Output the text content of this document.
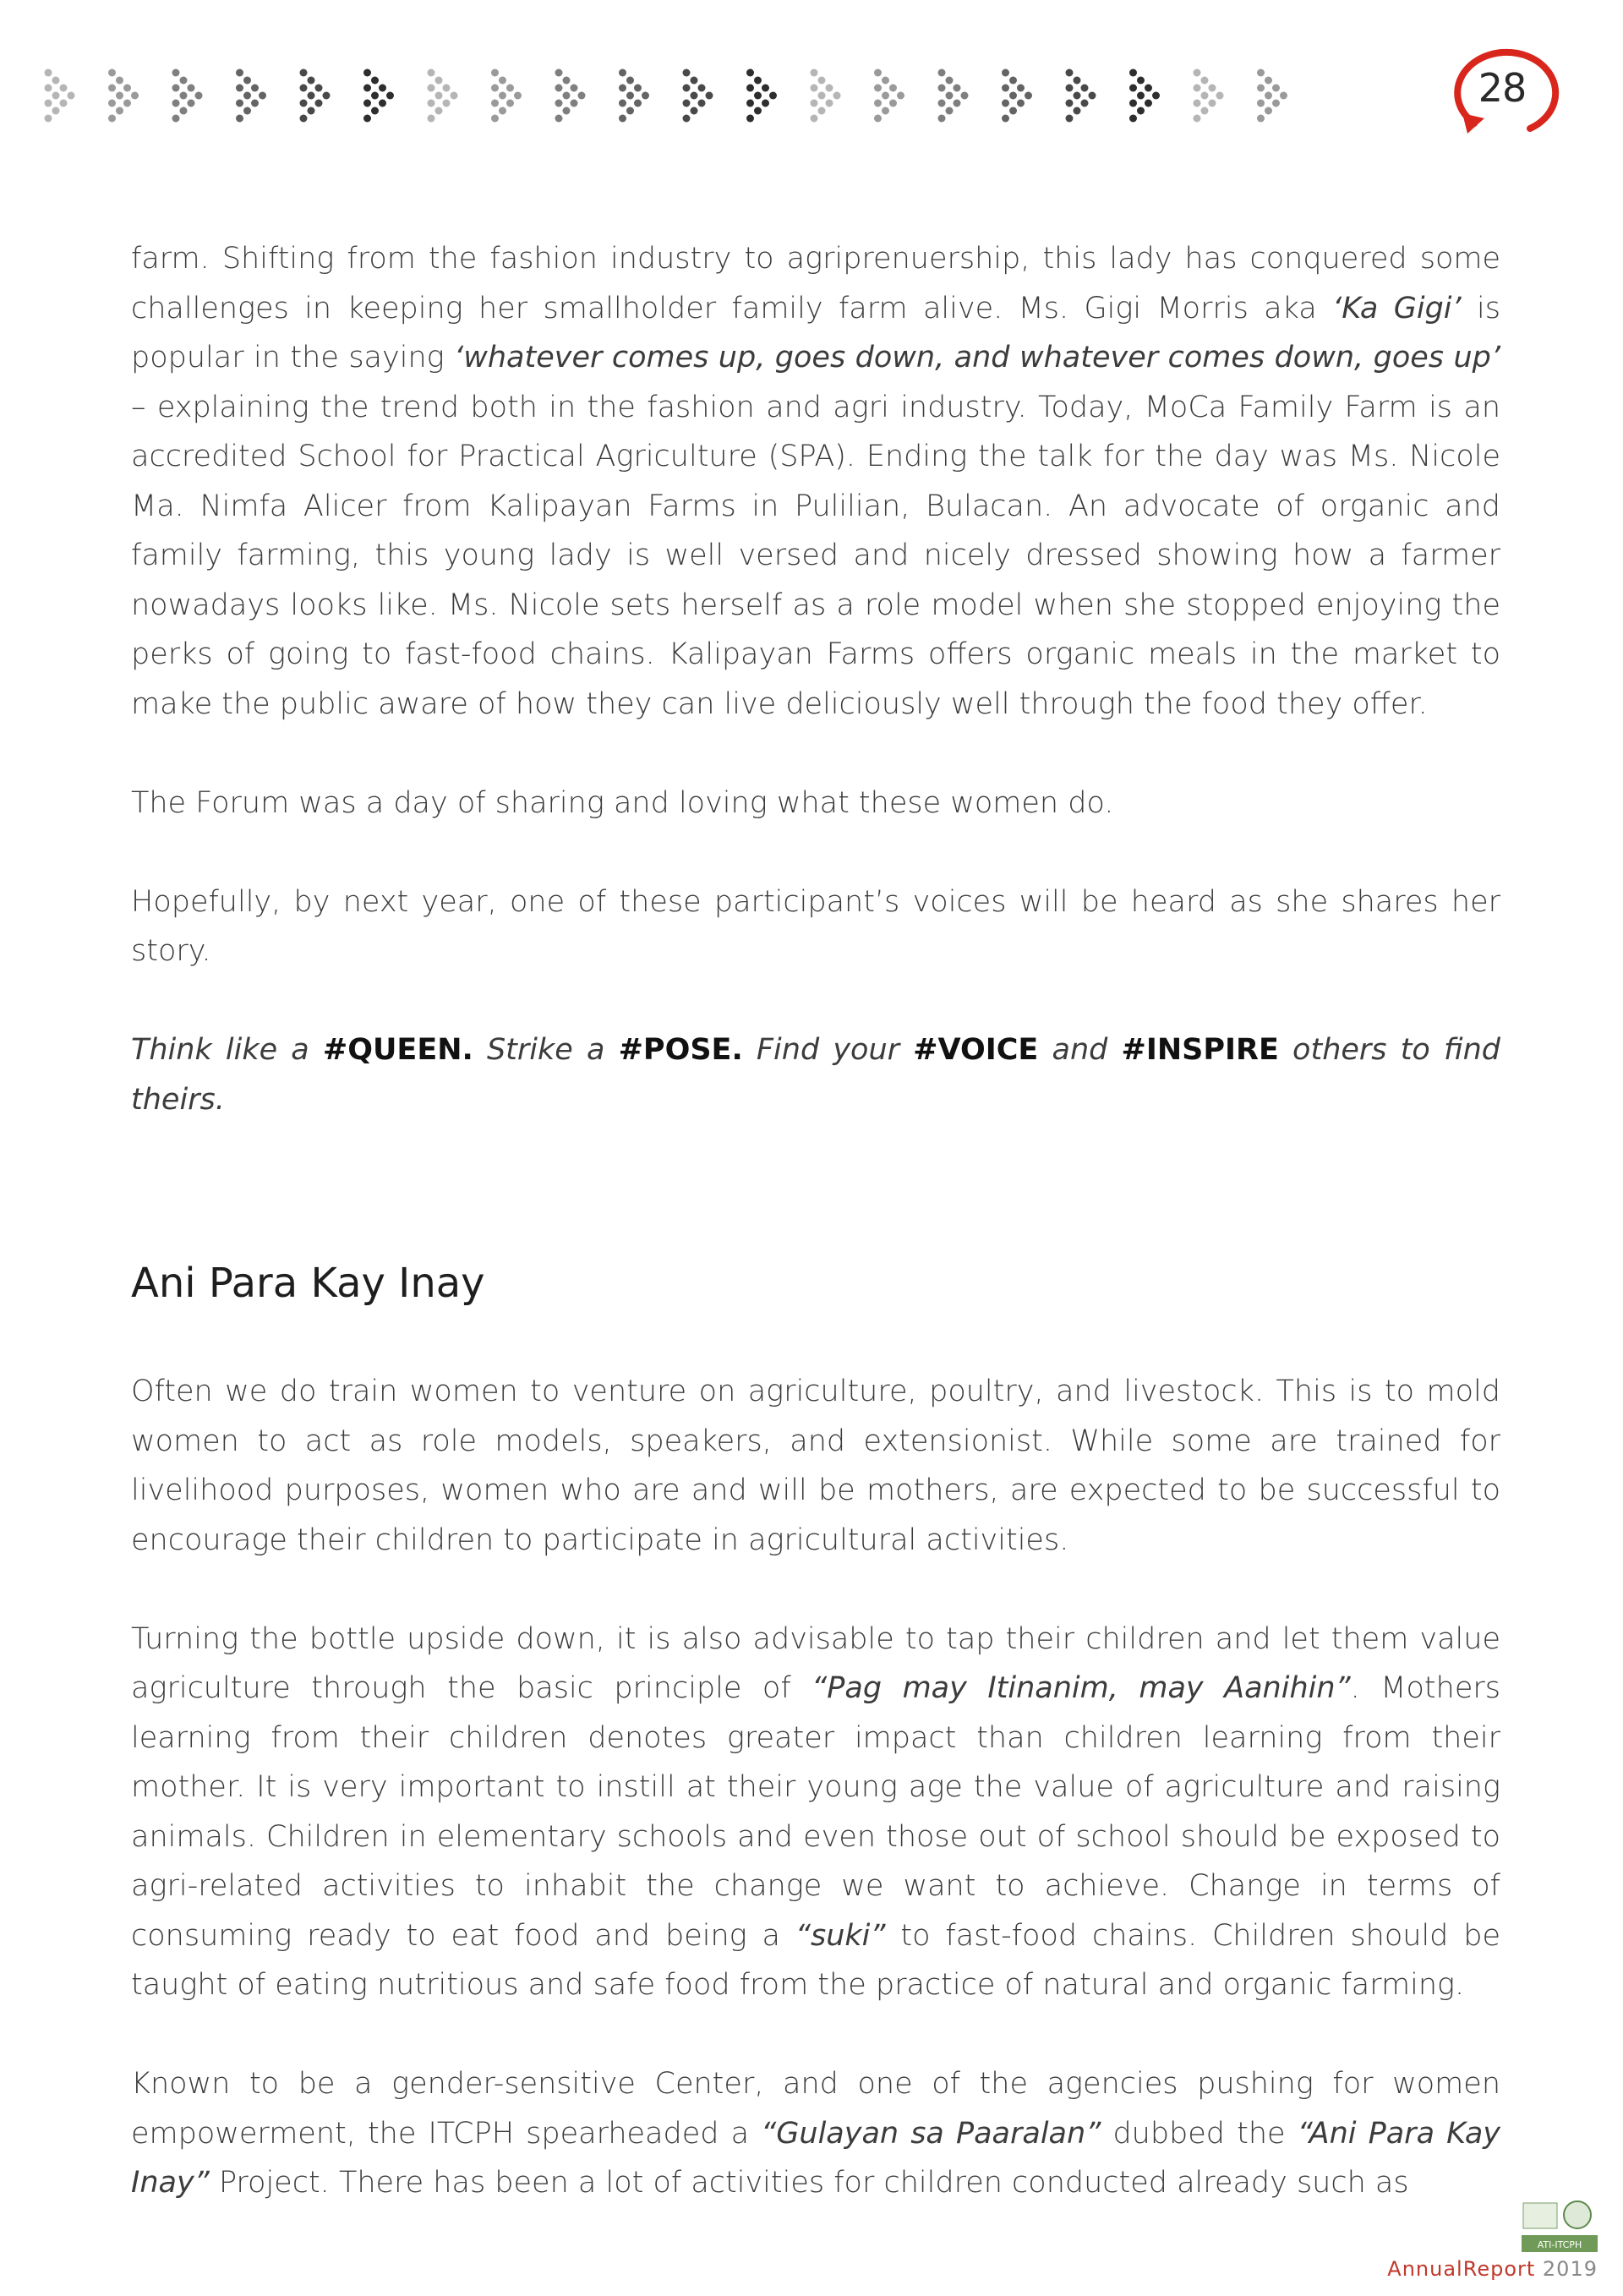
28

farm. Shifting from the fashion industry to agriprenuership, this lady has conquered some challenges in keeping her smallholder family farm alive. Ms. Gigi Morris aka ‘Ka Gigi’ is popular in the saying ‘whatever comes up, goes down, and whatever comes down, goes up’ – explaining the trend both in the fashion and agri industry. Today, MoCa Family Farm is an accredited School for Practical Agriculture (SPA). Ending the talk for the day was Ms. Nicole Ma. Nimfa Alicer from Kalipayan Farms in Pulilian, Bulacan. An advocate of organic and family farming, this young lady is well versed and nicely dressed showing how a farmer nowadays looks like. Ms. Nicole sets herself as a role model when she stopped enjoying the perks of going to fast-food chains. Kalipayan Farms offers organic meals in the market to make the public aware of how they can live deliciously well through the food they offer.

The Forum was a day of sharing and loving what these women do.

Hopefully, by next year, one of these participant’s voices will be heard as she shares her story.

Think like a #QUEEN. Strike a #POSE. Find your #VOICE and #INSPIRE others to find theirs.

Ani Para Kay Inay

Often we do train women to venture on agriculture, poultry, and livestock. This is to mold women to act as role models, speakers, and extensionist. While some are trained for livelihood purposes, women who are and will be mothers, are expected to be successful to encourage their children to participate in agricultural activities.

Turning the bottle upside down, it is also advisable to tap their children and let them value agriculture through the basic principle of “Pag may Itinanim, may Aanihin”. Mothers learning from their children denotes greater impact than children learning from their mother. It is very important to instill at their young age the value of agriculture and raising animals. Children in elementary schools and even those out of school should be exposed to agri-related activities to inhabit the change we want to achieve. Change in terms of consuming ready to eat food and being a “suki” to fast-food chains. Children should be taught of eating nutritious and safe food from the practice of natural and organic farming.

Known to be a gender-sensitive Center, and one of the agencies pushing for women empowerment, the ITCPH spearheaded a “Gulayan sa Paaralan” dubbed the “Ani Para Kay Inay” Project. There has been a lot of activities for children conducted already such as

ATI-ITCPH
AnnualReport 2019
